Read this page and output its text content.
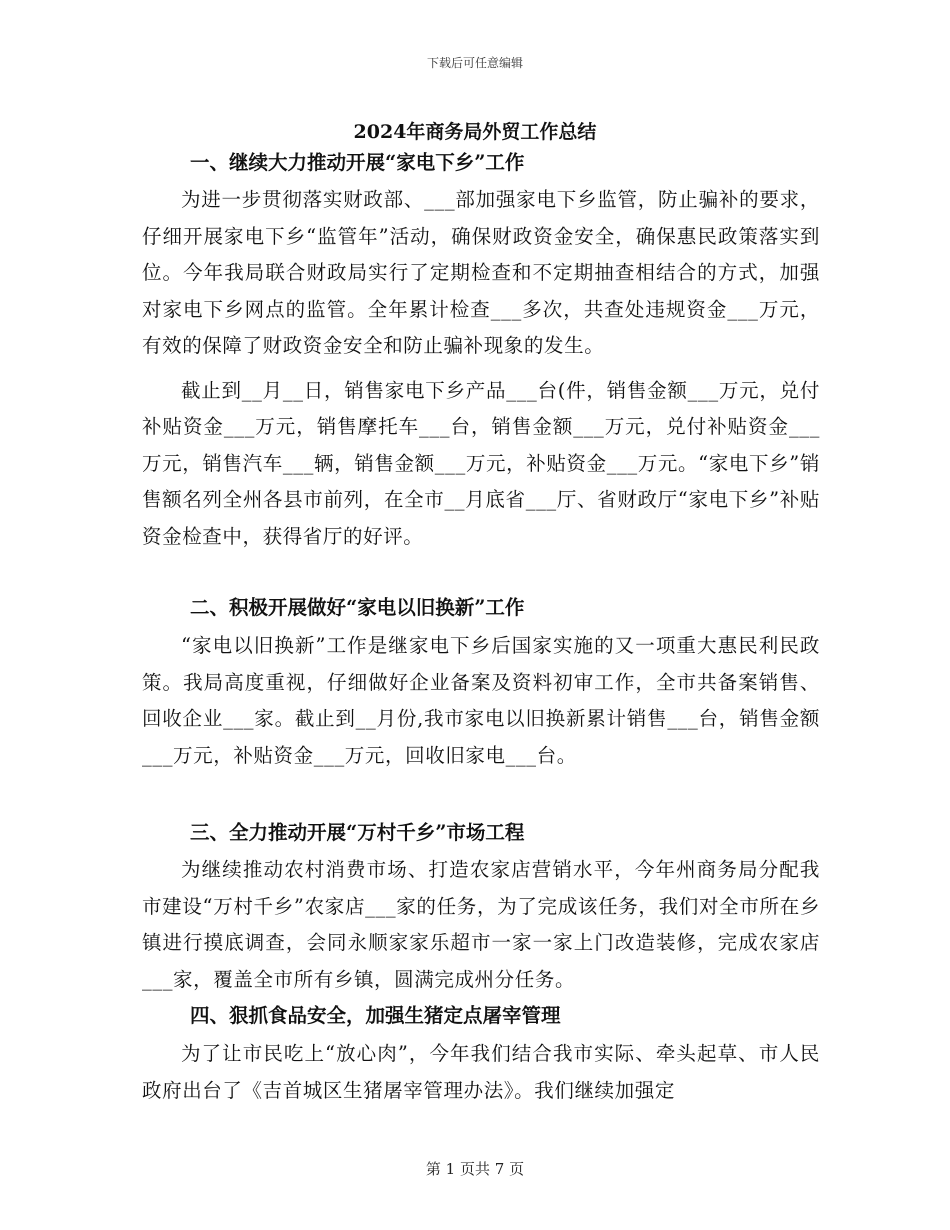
下载后可任意编辑
2024年商务局外贸工作总结
一、继续大力推动开展“家电下乡”工作

为进一步贯彻落实财政部、___部加强家电下乡监管，防止骗补的要求，仔细开展家电下乡“监管年”活动，确保财政资金安全，确保惠民政策落实到位。今年我局联合财政局实行了定期检查和不定期抽查相结合的方式，加强对家电下乡网点的监管。全年累计检查___多次，共查处违规资金___万元，有效的保障了财政资金安全和防止骗补现象的发生。

截止到__月__日，销售家电下乡产品___台(件，销售金额___万元，兑付补贴资金___万元，销售摩托车___台，销售金额___万元，兑付补贴资金___万元，销售汽车___辆，销售金额___万元，补贴资金___万元。“家电下乡”销售额名列全州各县市前列，在全市__月底省___厅、省财政厅“家电下乡”补贴资金检查中，获得省厅的好评。

二、积极开展做好“家电以旧换新”工作

“家电以旧换新”工作是继家电下乡后国家实施的又一项重大惠民利民政策。我局高度重视，仔细做好企业备案及资料初审工作，全市共备案销售、回收企业___家。截止到__月份,我市家电以旧换新累计销售___台，销售金额___万元，补贴资金___万元，回收旧家电___台。

三、全力推动开展“万村千乡”市场工程

为继续推动农村消费市场、打造农家店营销水平，今年州商务局分配我市建设“万村千乡”农家店___家的任务，为了完成该任务，我们对全市所在乡镇进行摸底调查，会同永顺家家乐超市一家一家上门改造装修，完成农家店___家，覆盖全市所有乡镇，圆满完成州分任务。

四、狠抓食品安全，加强生猪定点屠宰管理

为了让市民吃上“放心肉”，今年我们结合我市实际、牵头起草、市人民政府出台了《吉首城区生猪屠宰管理办法》。我们继续加强定

第 1 页共 7 页
